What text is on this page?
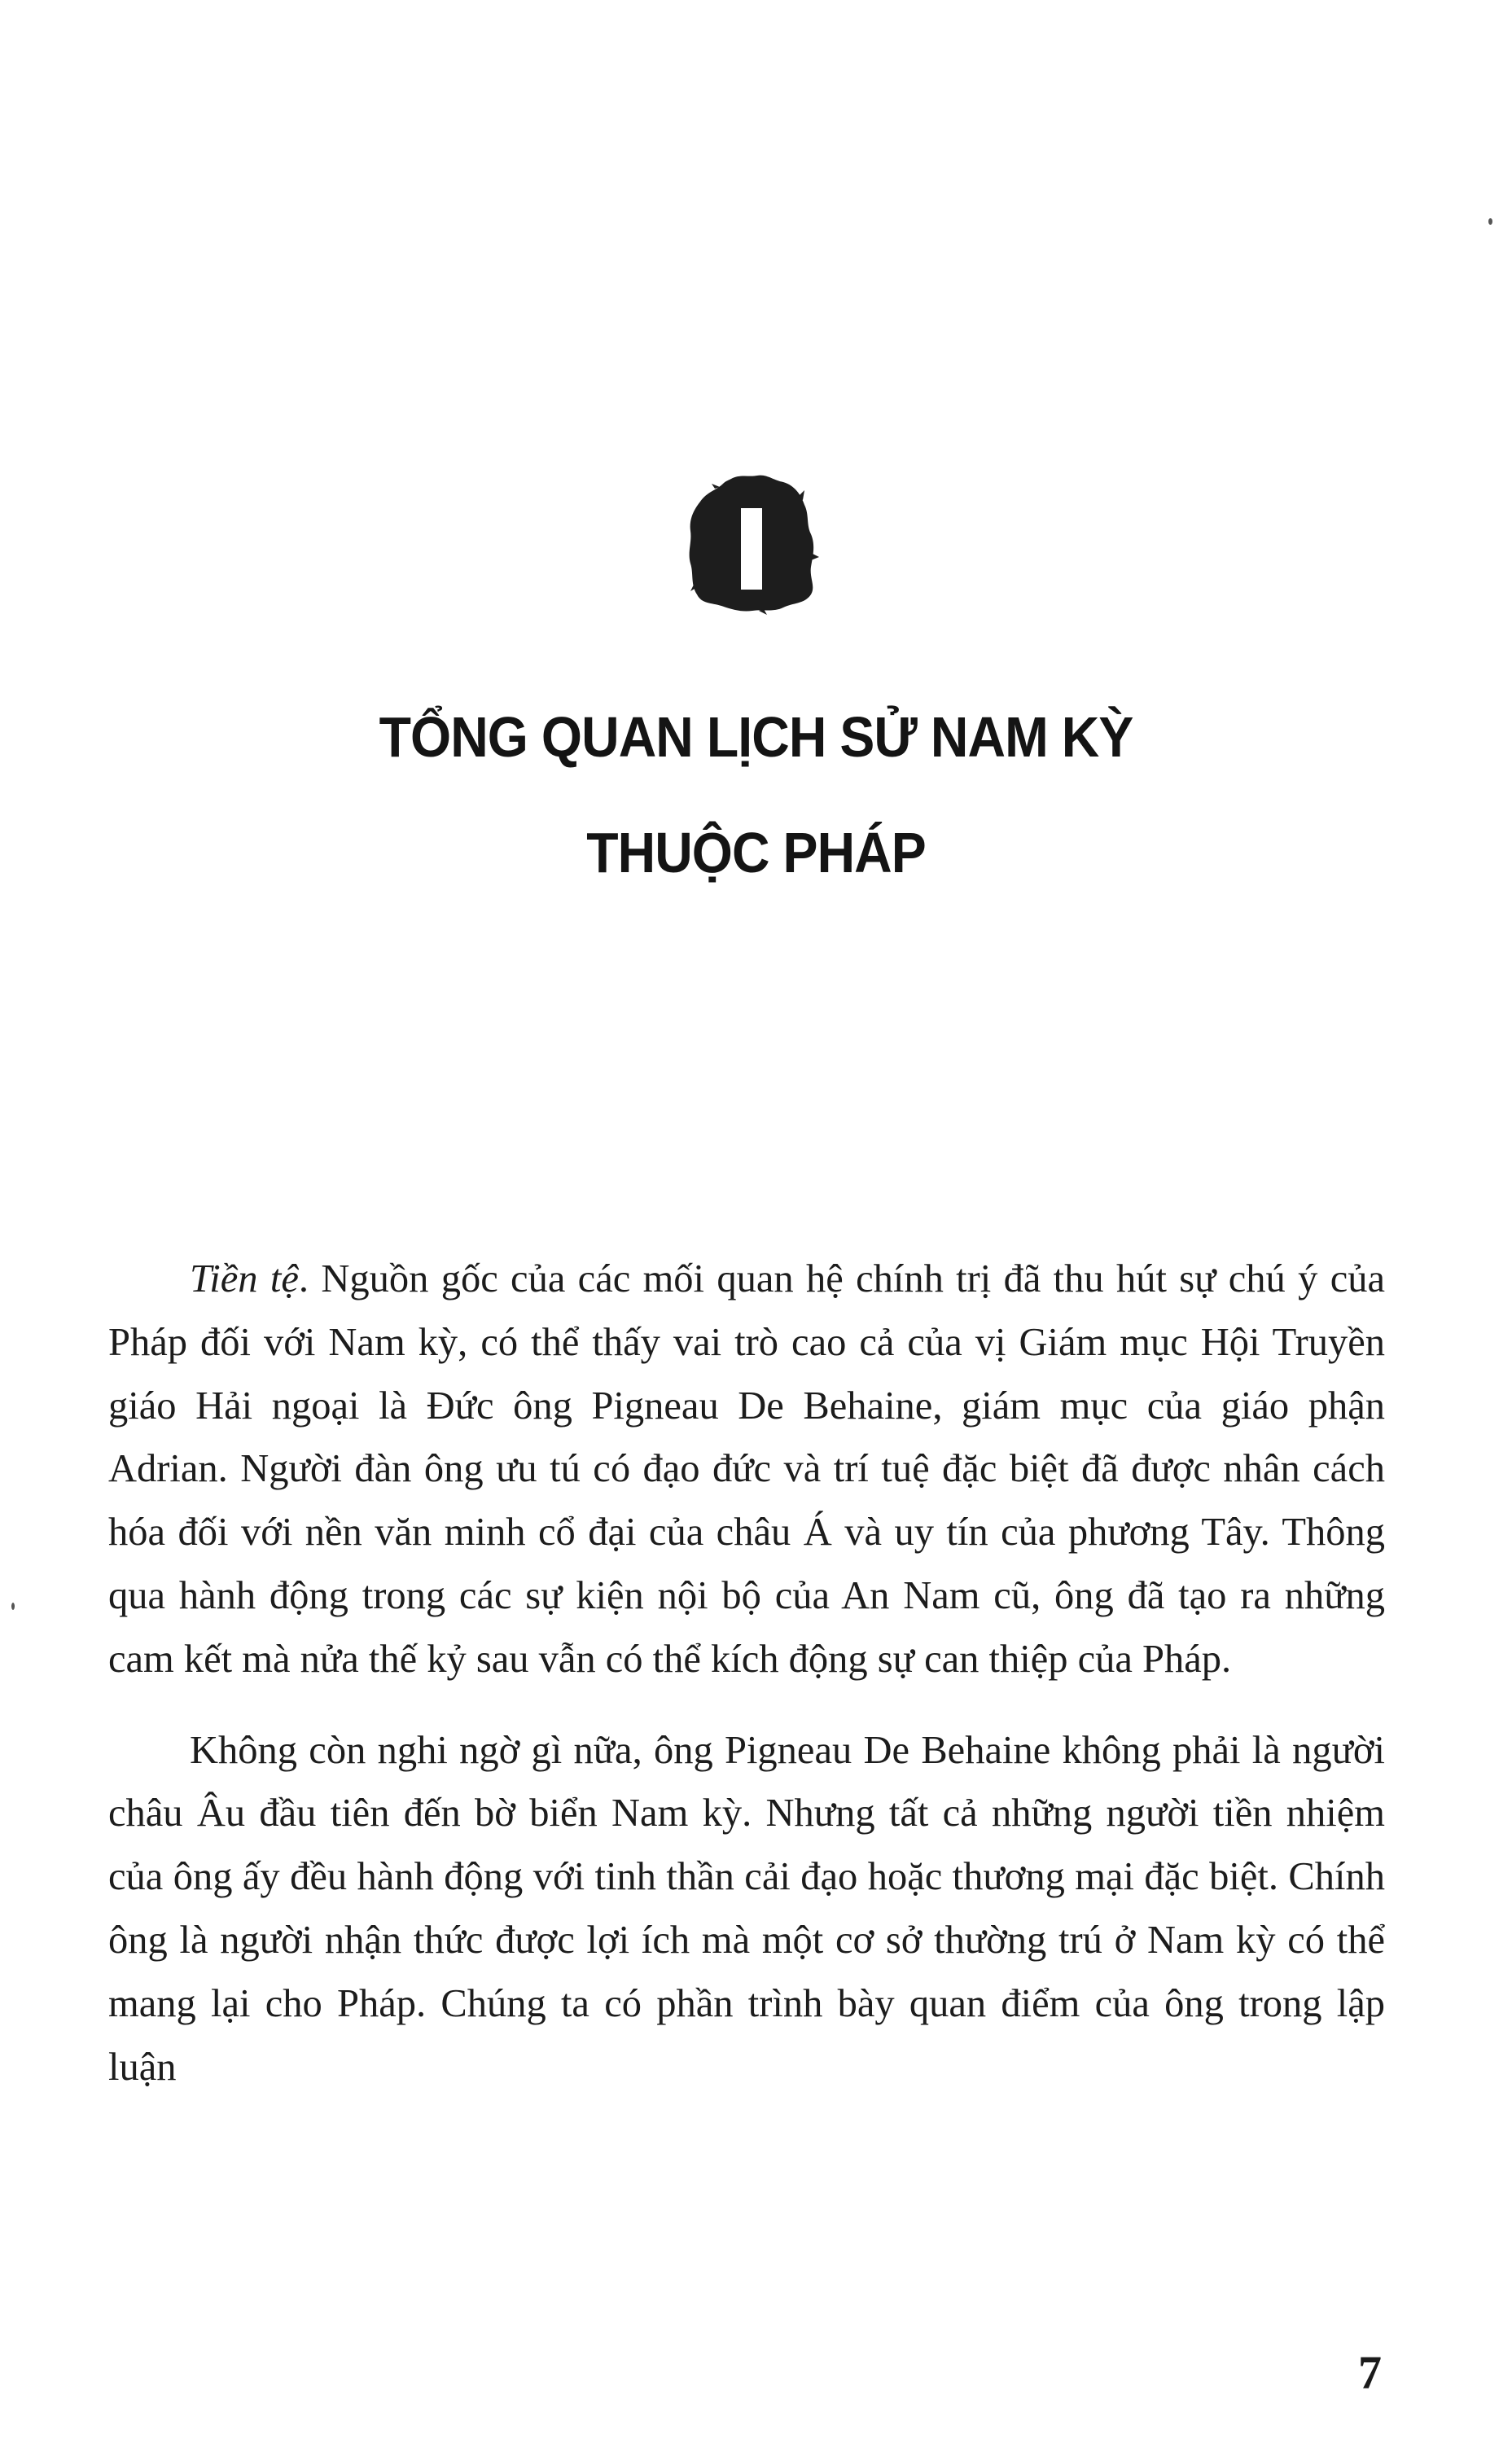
TỔNG QUAN LỊCH SỬ NAM KỲ
THUỘC PHÁP

Tiền tệ. Nguồn gốc của các mối quan hệ chính trị đã thu hút sự chú ý của Pháp đối với Nam kỳ, có thể thấy vai trò cao cả của vị Giám mục Hội Truyền giáo Hải ngoại là Đức ông Pigneau De Behaine, giám mục của giáo phận Adrian. Người đàn ông ưu tú có đạo đức và trí tuệ đặc biệt đã được nhân cách hóa đối với nền văn minh cổ đại của châu Á và uy tín của phương Tây. Thông qua hành động trong các sự kiện nội bộ của An Nam cũ, ông đã tạo ra những cam kết mà nửa thế kỷ sau vẫn có thể kích động sự can thiệp của Pháp.

Không còn nghi ngờ gì nữa, ông Pigneau De Behaine không phải là người châu Âu đầu tiên đến bờ biển Nam kỳ. Nhưng tất cả những người tiền nhiệm của ông ấy đều hành động với tinh thần cải đạo hoặc thương mại đặc biệt. Chính ông là người nhận thức được lợi ích mà một cơ sở thường trú ở Nam kỳ có thể mang lại cho Pháp. Chúng ta có phần trình bày quan điểm của ông trong lập luận

7
